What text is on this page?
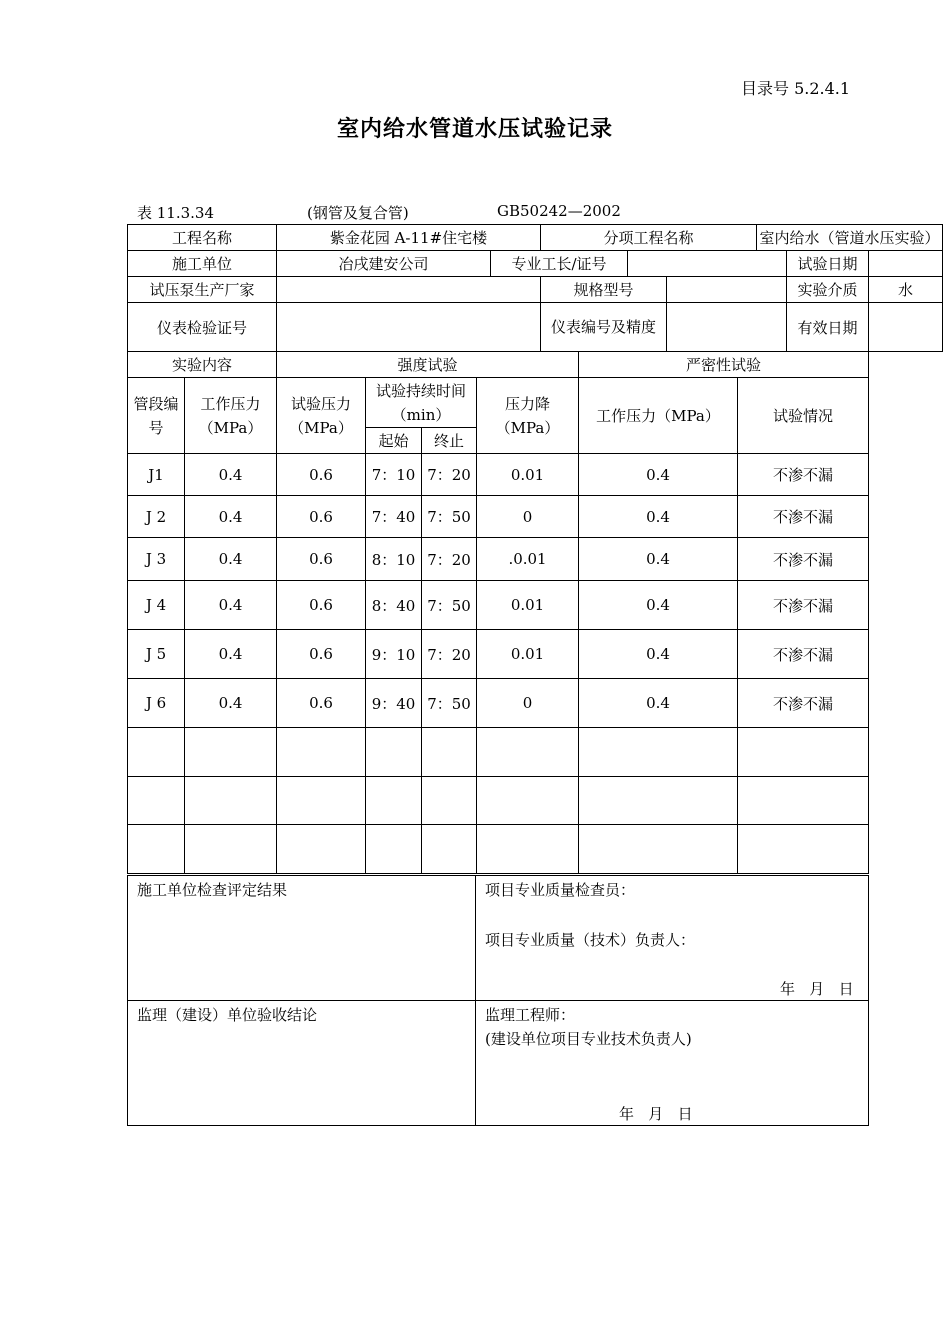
目录号 5.2.4.1
室内给水管道水压试验记录
表 11.3.34	(钢管及复合管)	GB50242—2002
工程名称	紫金花园 A-11#住宅楼		分项工程名称			室内给水（管道水压实验）		
施工单位	冶戌建安公司	专业工长/证号					试验日期	
试压泵生产厂家			规格型号				实验介质	水
仪表检验证号			仪表编号及精度				有效日期	
实验内容		强度试验				严密性试验	
管段编号	工作压力（MPa）	试验压力（MPa）	试验持续时间（min）		压力降（MPa）	工作压力（MPa）	试验情况
			起始	终止			
J1	0.4	0.6	7：10	7：20	0.01	0.4	不渗不漏
J 2	0.4	0.6	7：40	7：50	0	0.4	不渗不漏
J 3	0.4	0.6	8：10	7：20	.0.01	0.4	不渗不漏
J 4	0.4	0.6	8：40	7：50	0.01	0.4	不渗不漏
J 5	0.4	0.6	9：10	7：20	0.01	0.4	不渗不漏
J 6	0.4	0.6	9：40	7：50	0	0.4	不渗不漏

施工单位检查评定结果	项目专业质量检查员：
项目专业质量（技术）负责人：
年   月   日
监理（建设）单位验收结论	监理工程师：
(建设单位项目专业技术负责人)
年   月   日
